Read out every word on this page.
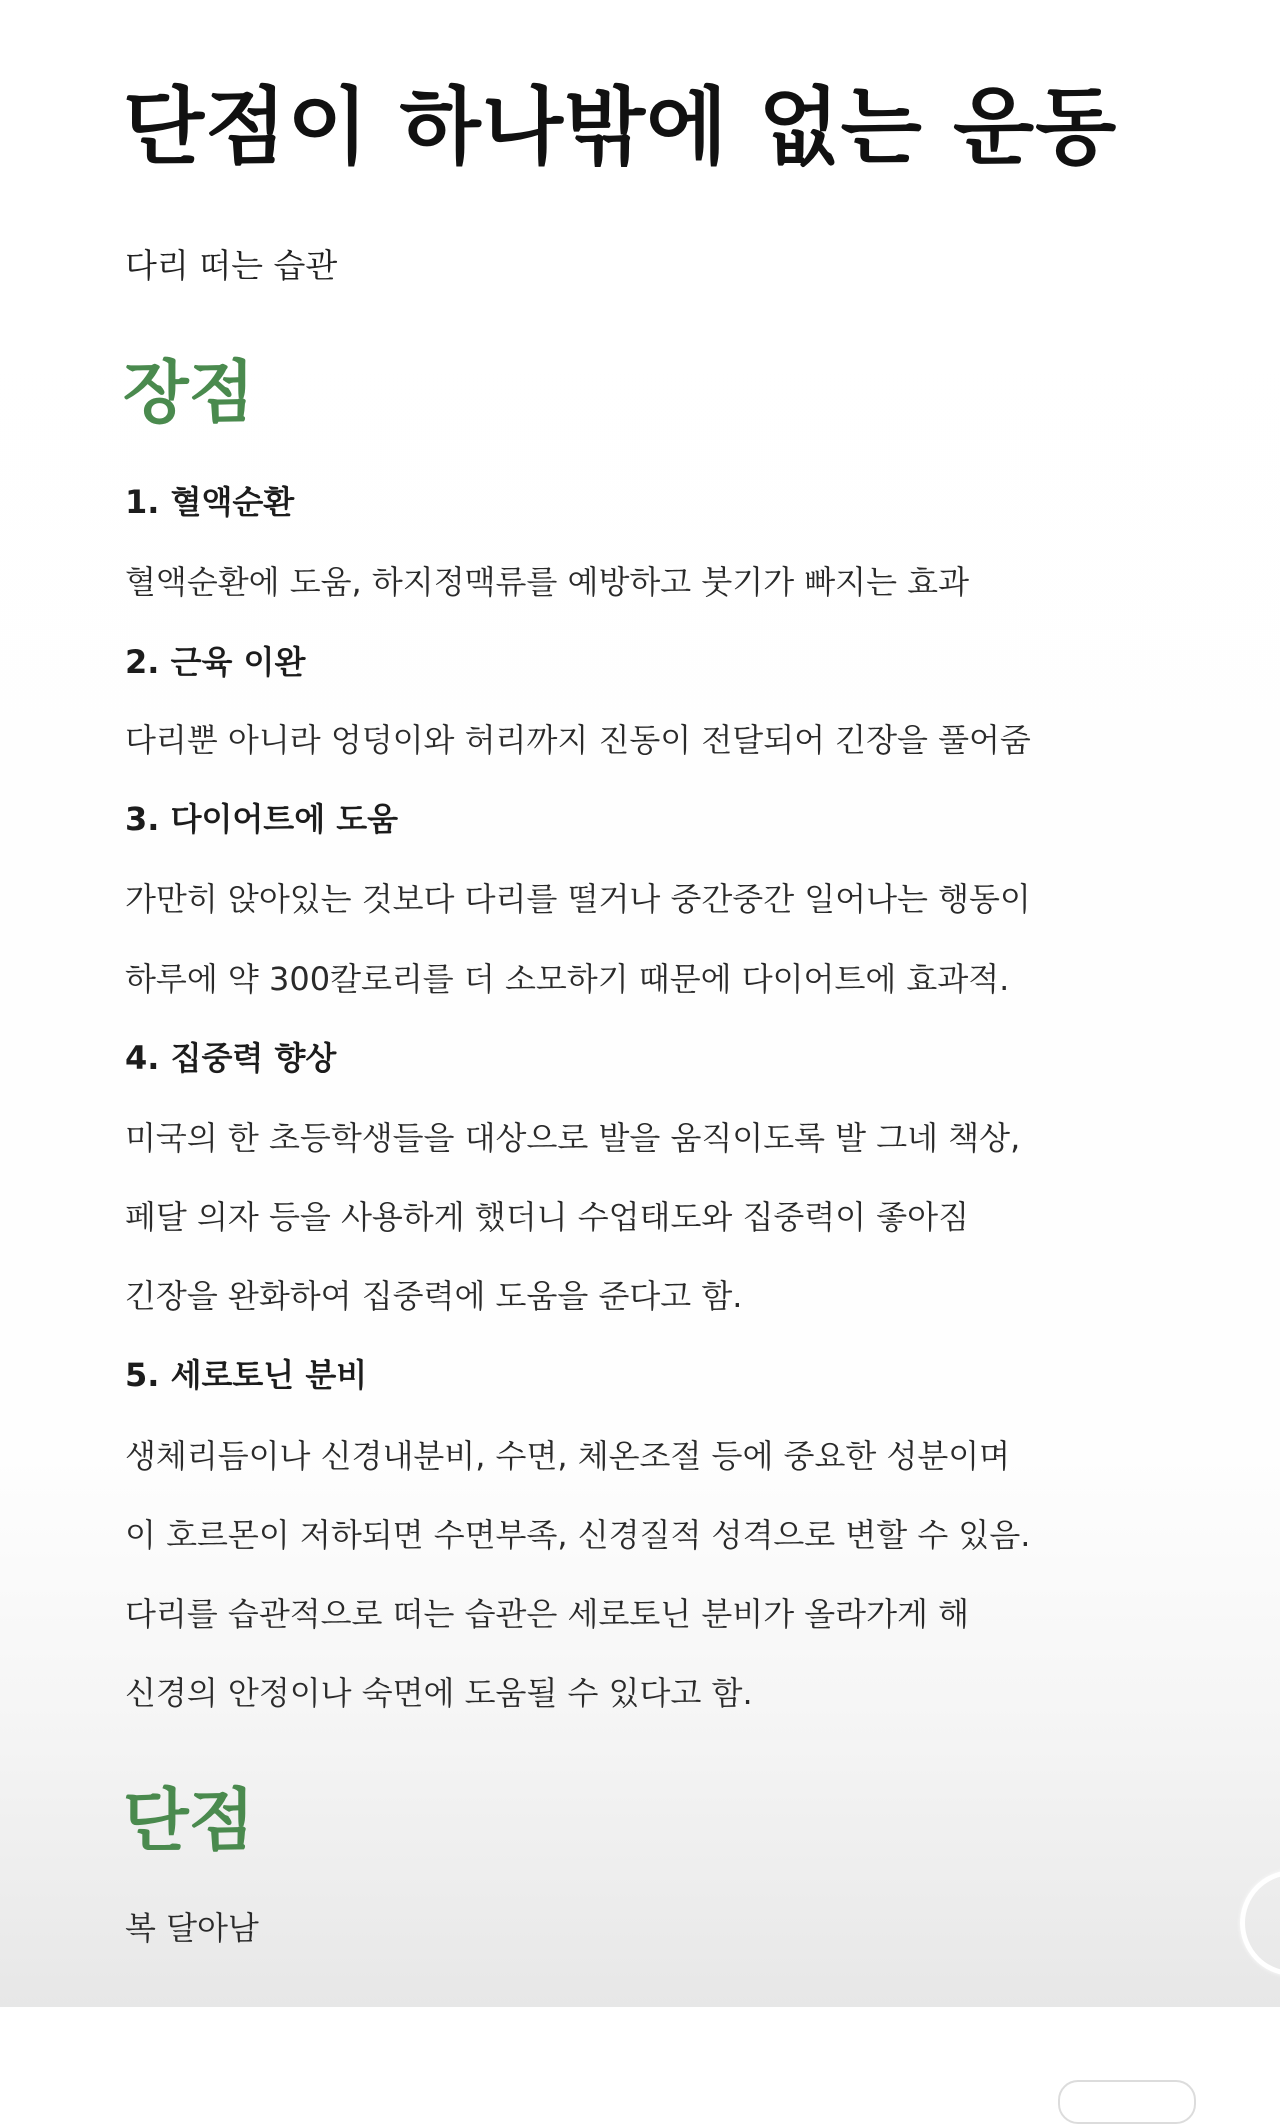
단점이 하나밖에 없는 운동

다리 떠는 습관

장점
1. 혈액순환

혈액순환에 도움, 하지정맥류를 예방하고 붓기가 빠지는 효과

2. 근육 이완

다리뿐 아니라 엉덩이와 허리까지 진동이 전달되어 긴장을 풀어줌

3. 다이어트에 도움

가만히 앉아있는 것보다 다리를 떨거나 중간중간 일어나는 행동이

하루에 약 300칼로리를 더 소모하기 때문에 다이어트에 효과적.

4. 집중력 향상

미국의 한 초등학생들을 대상으로 발을 움직이도록 발 그네 책상,

페달 의자 등을 사용하게 했더니 수업태도와 집중력이 좋아짐

긴장을 완화하여 집중력에 도움을 준다고 함.

5. 세로토닌 분비

생체리듬이나 신경내분비, 수면, 체온조절 등에 중요한 성분이며

이 호르몬이 저하되면 수면부족, 신경질적 성격으로 변할 수 있음.

다리를 습관적으로 떠는 습관은 세로토닌 분비가 올라가게 해

신경의 안정이나 숙면에 도움될 수 있다고 함.

단점

복 달아남
